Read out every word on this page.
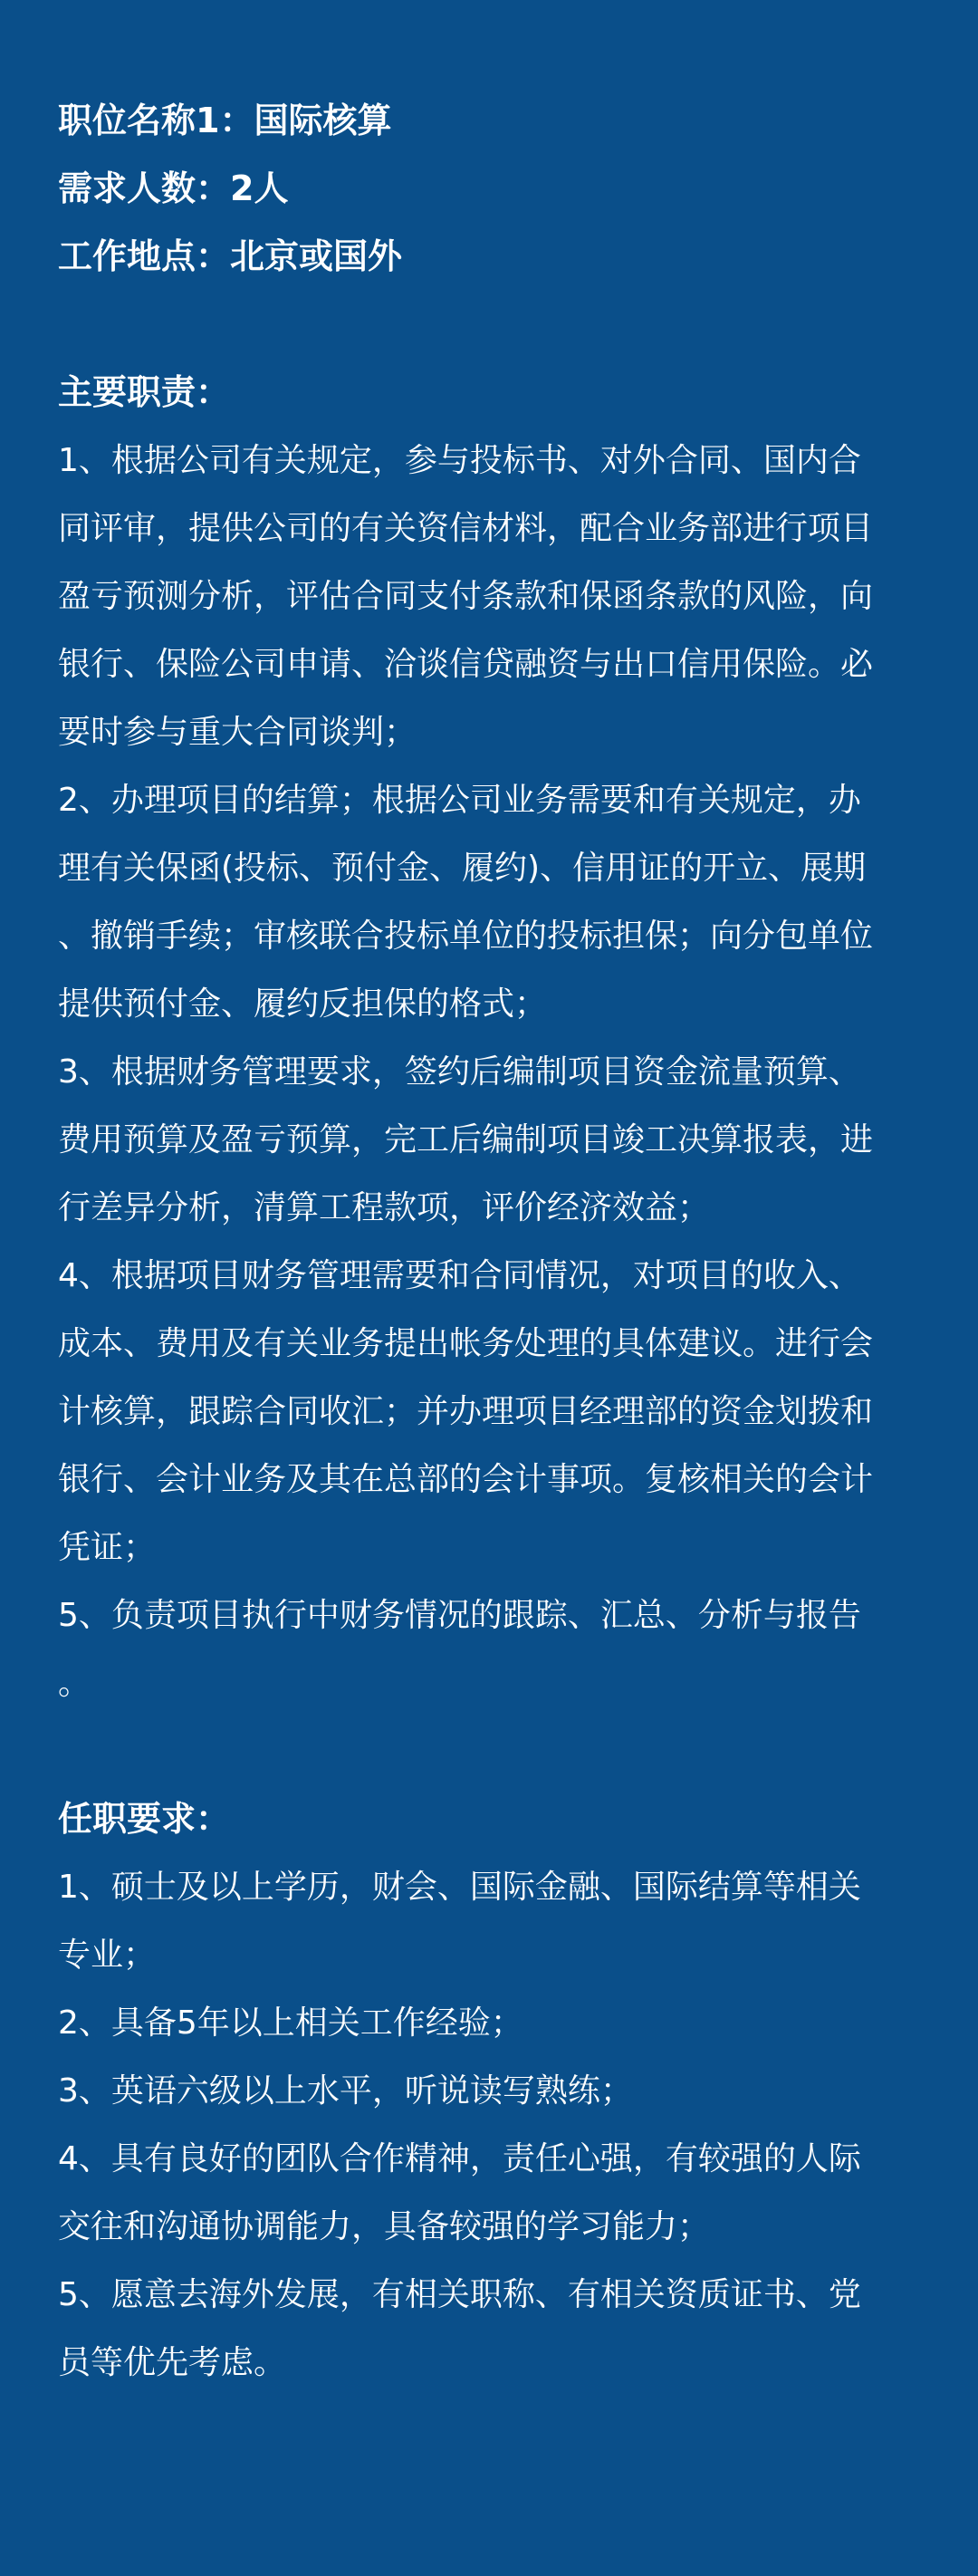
职位名称1：国际核算
需求人数：2人
工作地点：北京或国外
主要职责：
1、根据公司有关规定，参与投标书、对外合同、国内合
同评审，提供公司的有关资信材料，配合业务部进行项目
盈亏预测分析，评估合同支付条款和保函条款的风险，向
银行、保险公司申请、洽谈信贷融资与出口信用保险。必
要时参与重大合同谈判；
2、办理项目的结算；根据公司业务需要和有关规定，办
理有关保函(投标、预付金、履约)、信用证的开立、展期
、撤销手续；审核联合投标单位的投标担保；向分包单位
提供预付金、履约反担保的格式；
3、根据财务管理要求，签约后编制项目资金流量预算、
费用预算及盈亏预算，完工后编制项目竣工决算报表，进
行差异分析，清算工程款项，评价经济效益；
4、根据项目财务管理需要和合同情况，对项目的收入、
成本、费用及有关业务提出帐务处理的具体建议。进行会
计核算，跟踪合同收汇；并办理项目经理部的资金划拨和
银行、会计业务及其在总部的会计事项。复核相关的会计
凭证；
5、负责项目执行中财务情况的跟踪、汇总、分析与报告
。
任职要求：
1、硕士及以上学历，财会、国际金融、国际结算等相关
专业；
2、具备5年以上相关工作经验；
3、英语六级以上水平，听说读写熟练；
4、具有良好的团队合作精神，责任心强，有较强的人际
交往和沟通协调能力，具备较强的学习能力；
5、愿意去海外发展，有相关职称、有相关资质证书、党
员等优先考虑。
